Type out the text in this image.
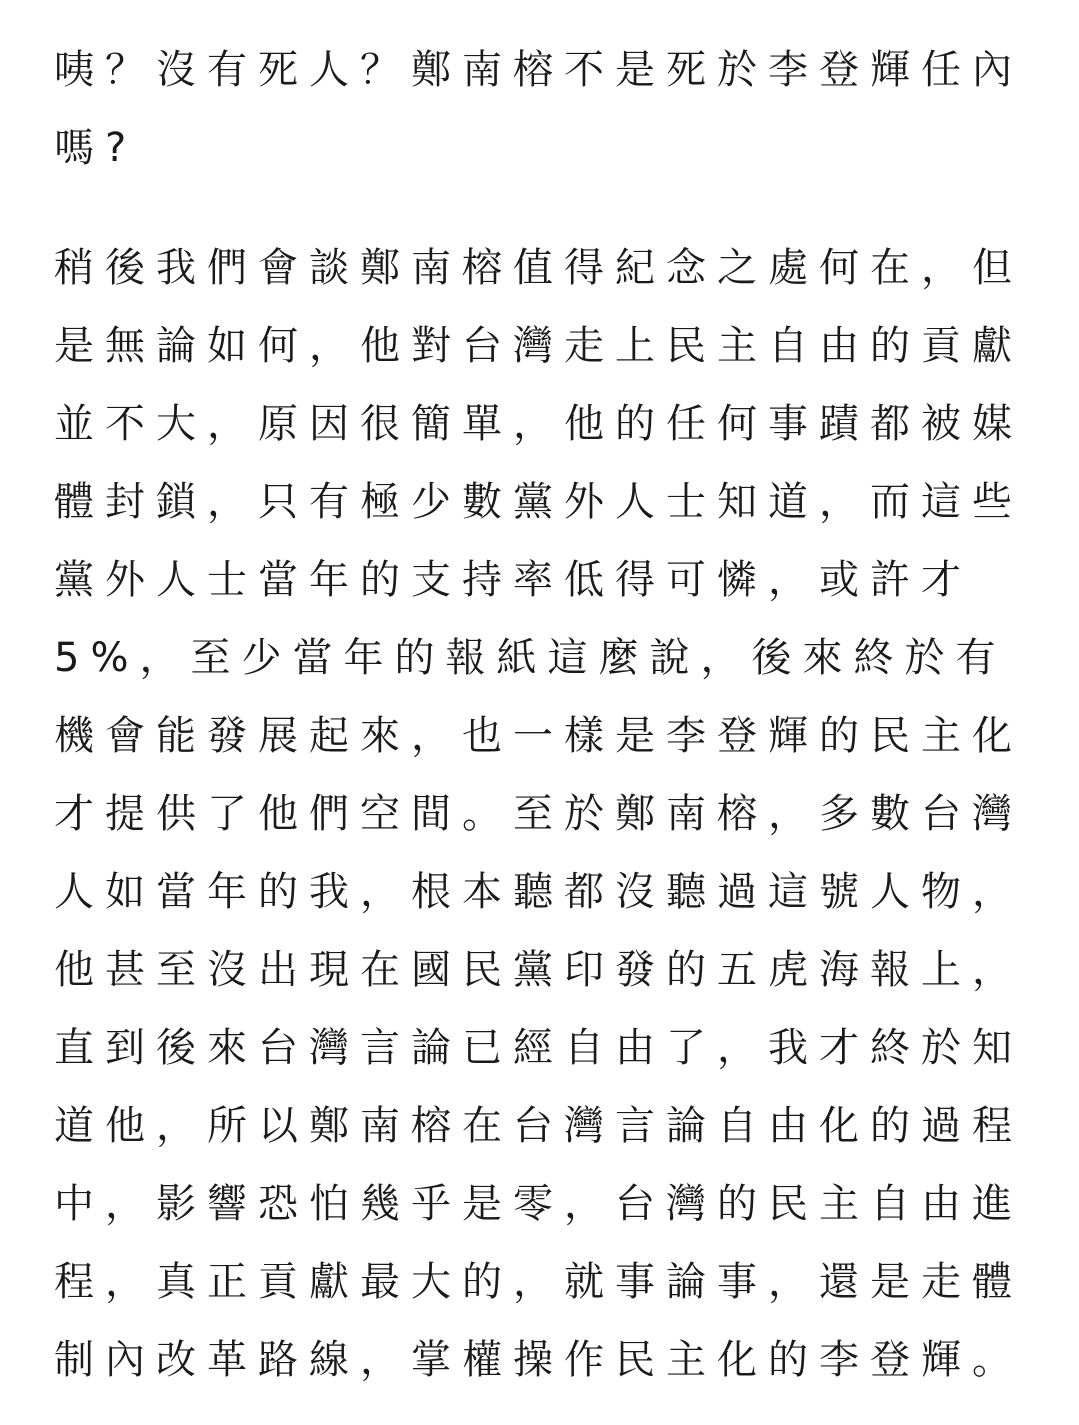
咦？沒有死人？鄭南榕不是死於李登輝任內
嗎?
稍後我們會談鄭南榕值得紀念之處何在，但
是無論如何，他對台灣走上民主自由的貢獻
並不大，原因很簡單，他的任何事蹟都被媒
體封鎖，只有極少數黨外人士知道，而這些
黨外人士當年的支持率低得可憐，或許才
5%，至少當年的報紙這麼說，後來終於有
機會能發展起來，也一樣是李登輝的民主化
才提供了他們空間。至於鄭南榕，多數台灣
人如當年的我，根本聽都沒聽過這號人物，
他甚至沒出現在國民黨印發的五虎海報上，
直到後來台灣言論已經自由了，我才終於知
道他，所以鄭南榕在台灣言論自由化的過程
中，影響恐怕幾乎是零，台灣的民主自由進
程，真正貢獻最大的，就事論事，還是走體
制內改革路線，掌權操作民主化的李登輝。
